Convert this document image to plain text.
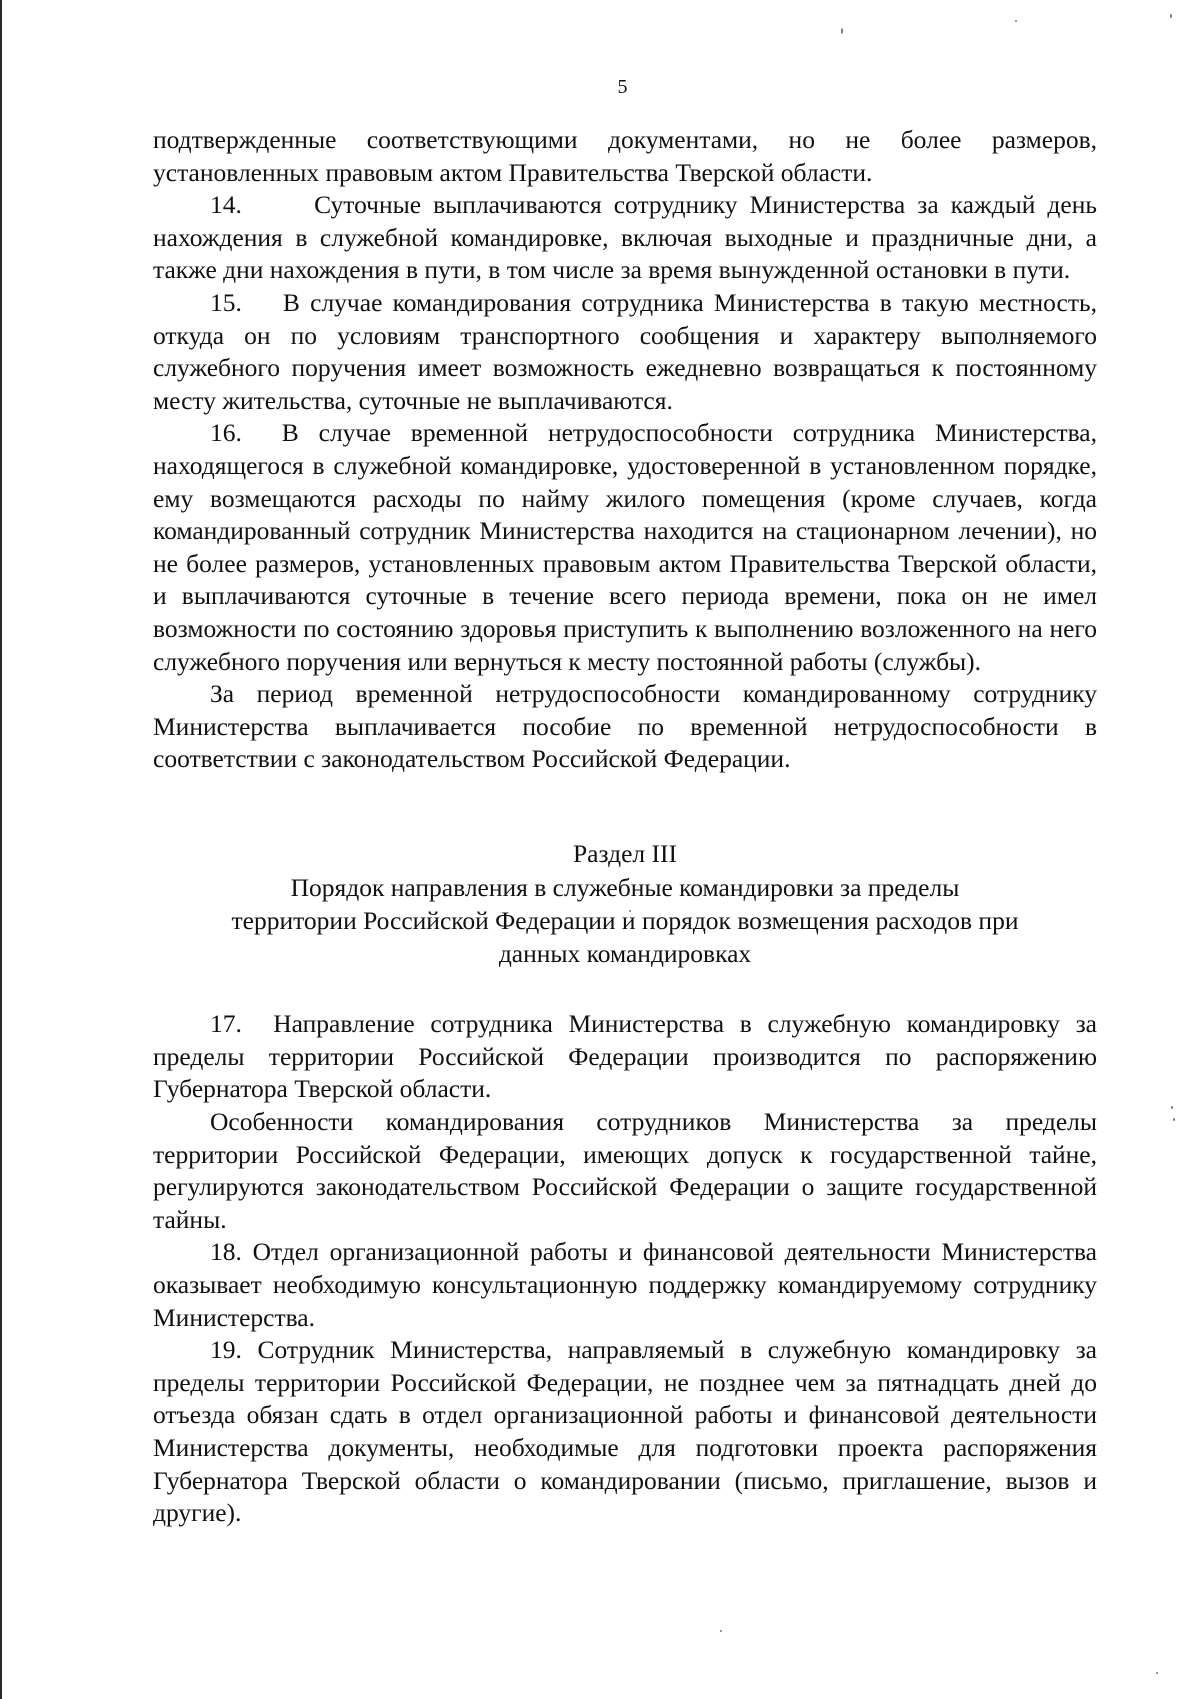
5

подтвержденные соответствующими документами, но не более размеров, установленных правовым актом Правительства Тверской области.

14.      Суточные выплачиваются сотруднику Министерства за каждый день нахождения в служебной командировке, включая выходные и праздничные дни, а также дни нахождения в пути, в том числе за время вынужденной остановки в пути.

15.    В случае командирования сотрудника Министерства в такую местность, откуда он по условиям транспортного сообщения и характеру выполняемого служебного поручения имеет возможность ежедневно возвращаться к постоянному месту жительства, суточные не выплачиваются.

16.  В случае временной нетрудоспособности сотрудника Министерства, находящегося в служебной командировке, удостоверенной в установленном порядке, ему возмещаются расходы по найму жилого помещения (кроме случаев, когда командированный сотрудник Министерства находится на стационарном лечении), но не более размеров, установленных правовым актом Правительства Тверской области, и выплачиваются суточные в течение всего периода времени, пока он не имел возможности по состоянию здоровья приступить к выполнению возложенного на него служебного поручения или вернуться к месту постоянной работы (службы).

За период временной нетрудоспособности командированному сотруднику Министерства выплачивается пособие по временной нетрудоспособности в соответствии с законодательством Российской Федерации.

Раздел III
Порядок направления в служебные командировки за пределы
территории Российской Федерации и порядок возмещения расходов при
данных командировках

17.  Направление сотрудника Министерства в служебную командировку за пределы территории Российской Федерации производится по распоряжению Губернатора Тверской области.

Особенности командирования сотрудников Министерства за пределы территории Российской Федерации, имеющих допуск к государственной тайне, регулируются законодательством Российской Федерации о защите государственной тайны.

18. Отдел организационной работы и финансовой деятельности Министерства оказывает необходимую консультационную поддержку командируемому сотруднику Министерства.

19. Сотрудник Министерства, направляемый в служебную командировку за пределы территории Российской Федерации, не позднее чем за пятнадцать дней до отъезда обязан сдать в отдел организационной работы и финансовой деятельности Министерства документы, необходимые для подготовки проекта распоряжения Губернатора Тверской области о командировании (письмо, приглашение, вызов и другие).
